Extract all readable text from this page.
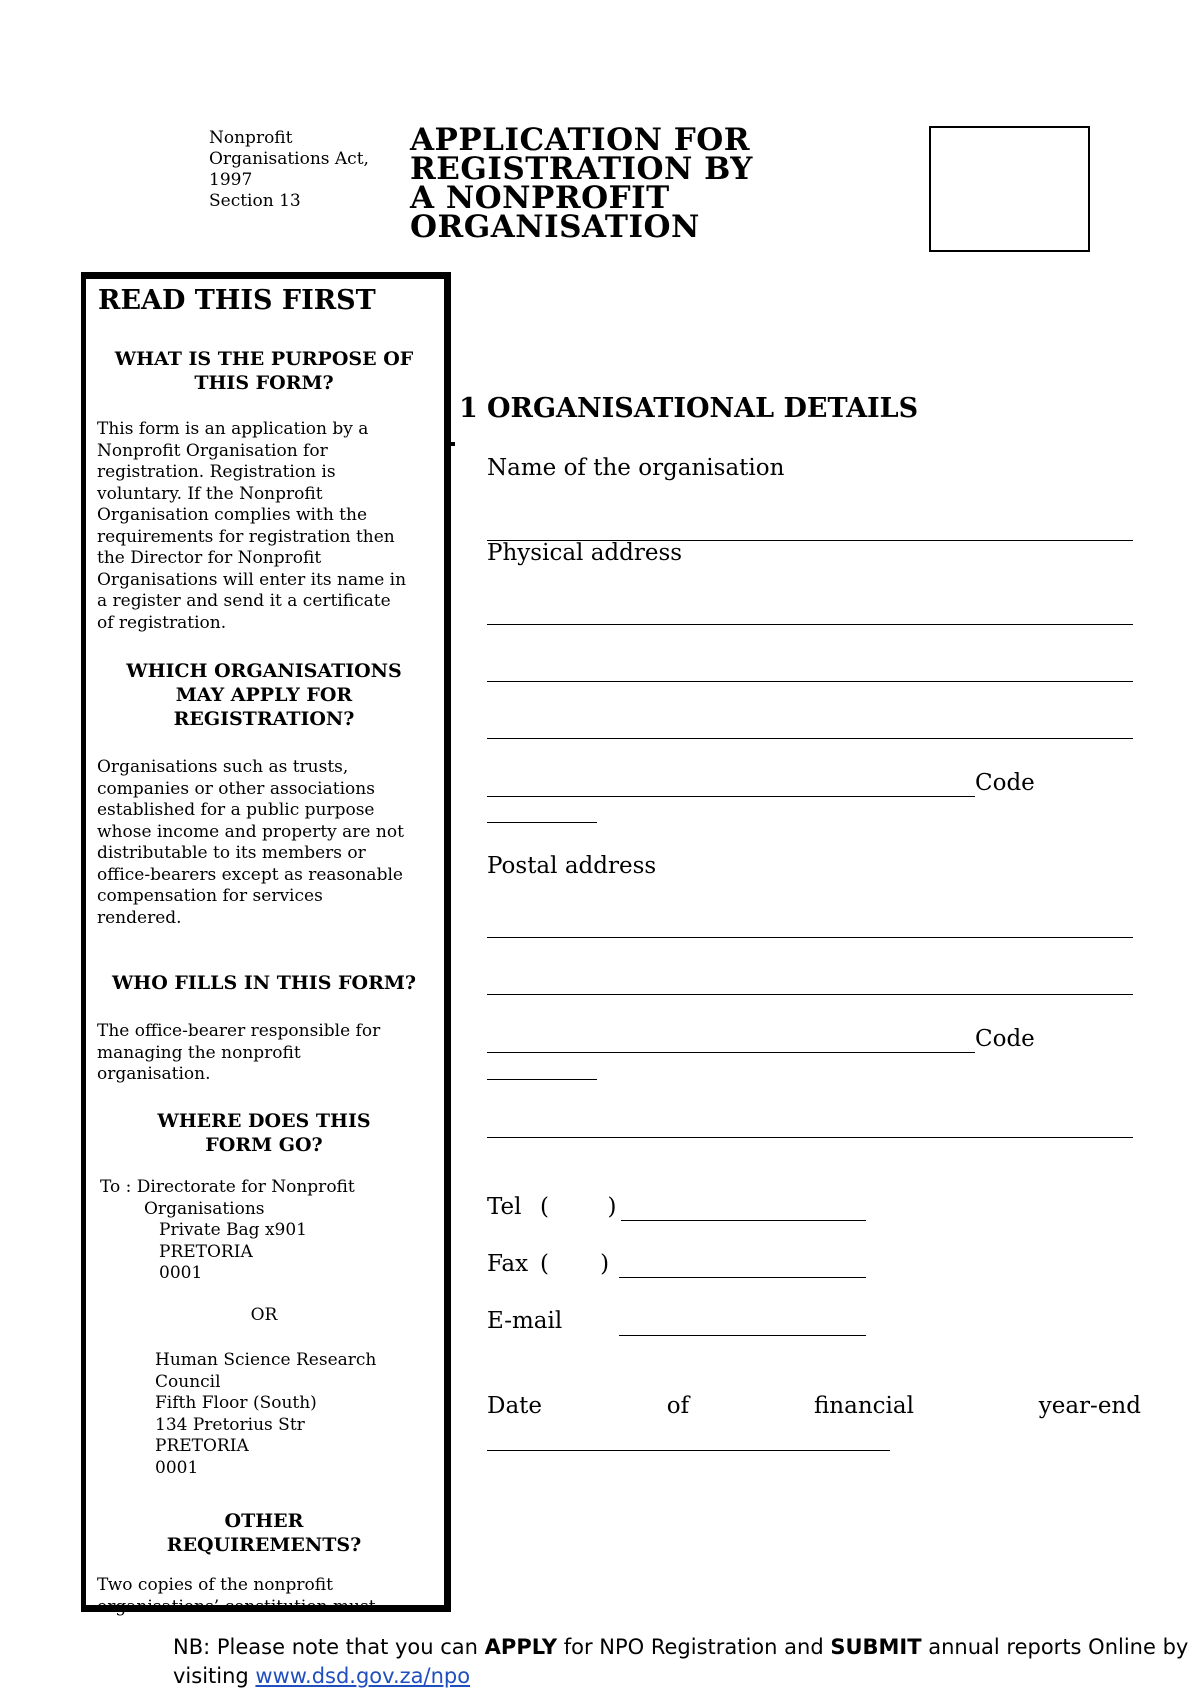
Nonprofit
Organisations Act,
1997
Section 13
APPLICATION FOR
REGISTRATION BY
A NONPROFIT
ORGANISATION
READ THIS FIRST
WHAT IS THE PURPOSE OF
THIS FORM?
This form is an application by a
Nonprofit Organisation for
registration. Registration is
voluntary. If the Nonprofit
Organisation complies with the
requirements for registration then
the Director for Nonprofit
Organisations will enter its name in
a register and send it a certificate
of registration.
WHICH ORGANISATIONS
MAY APPLY FOR
REGISTRATION?
Organisations such as trusts,
companies or other associations
established for a public purpose
whose income and property are not
distributable to its members or
office-bearers except as reasonable
compensation for services
rendered.
WHO FILLS IN THIS FORM?
The office-bearer responsible for
managing the nonprofit
organisation.
WHERE DOES THIS
FORM GO?
To : Directorate for Nonprofit
Organisations
Private Bag x901
PRETORIA
0001
OR
Human Science Research
Council
Fifth Floor (South)
134 Pretorius Str
PRETORIA
0001
OTHER
REQUIREMENTS?
Two copies of the nonprofit
organisations’ constitution must
1 ORGANISATIONAL DETAILS
Name of the organisation
Physical address
Code
Postal address
Code
Tel (        )
Fax (       )
E-mail
Date	of	financial	year-end
NB: Please note that you can APPLY for NPO Registration and SUBMIT annual reports Online by
visiting www.dsd.gov.za/npo
